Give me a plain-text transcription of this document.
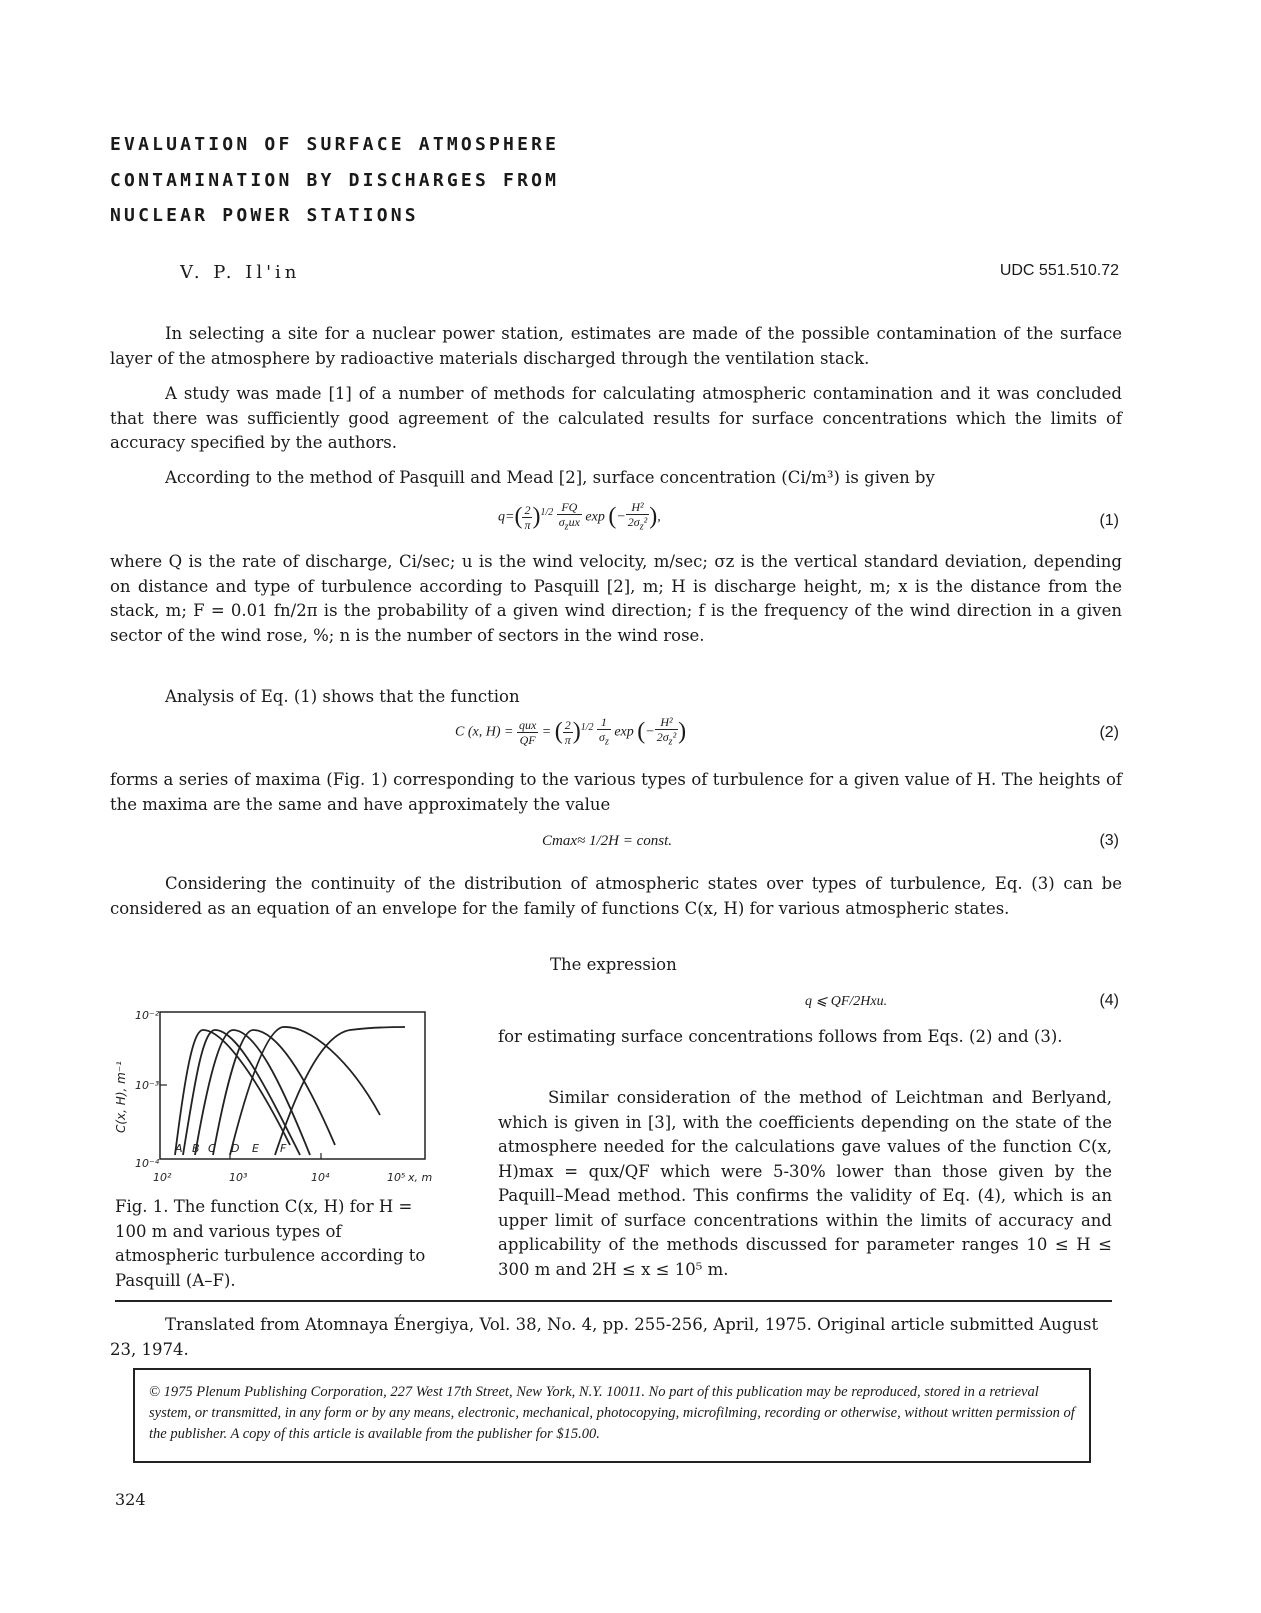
EVALUATION OF SURFACE ATMOSPHERE
CONTAMINATION BY DISCHARGES FROM
NUCLEAR POWER STATIONS
V. P. Il'in	UDC 551.510.72
In selecting a site for a nuclear power station, estimates are made of the possible contamination of the surface layer of the atmosphere by radioactive materials discharged through the ventilation stack.
A study was made [1] of a number of methods for calculating atmospheric contamination and it was concluded that there was sufficiently good agreement of the calculated results for surface concentrations which the limits of accuracy specified by the authors.
According to the method of Pasquill and Mead [2], surface concentration (Ci/m³) is given by
$q=( \frac{2}{\pi} )^{1/2} \frac{FQ}{\sigma_zux}$ exp (− $\frac{\text{H²}}{2\sigma_z^2}$ ),	(1)
where Q is the rate of discharge, Ci/sec; u is the wind velocity, m/sec; σz is the vertical standard deviation, depending on distance and type of turbulence according to Pasquill [2], m; H is discharge height, m; x is the distance from the stack, m; F = 0.01 fn/2π is the probability of a given wind direction; f is the frequency of the wind direction in a given sector of the wind rose, %; n is the number of sectors in the wind rose.
Analysis of Eq. (1) shows that the function
C (x, $H) = \frac{\text{qux}}{QF}$ = ( $\frac{2}{\pi} )^{1/2} \frac{1}{\sigma_z}$ exp (− $\frac{\text{H²}}{2\sigma_z^2}$ )	(2)
forms a series of maxima (Fig. 1) corresponding to the various types of turbulence for a given value of H. The heights of the maxima are the same and have approximately the value
Cmax≈ 1/2H = const.	(3)
Considering the continuity of the distribution of atmospheric states over types of turbulence, Eq. (3) can be considered as an equation of an envelope for the family of functions C(x, H) for various atmospheric states.
The expression
q ⩽ QF/2Hxu.	(4)
for estimating surface concentrations follows from Eqs. (2) and (3).
Similar consideration of the method of Leichtman and Berlyand, which is given in [3], with the coefficients depending on the state of the atmosphere needed for the calculations gave values of the function C(x, H)max = qux/QF which were 5-30% lower than those given by the Paquill–Mead method. This confirms the validity of Eq. (4), which is an upper limit of surface concentrations within the limits of accuracy and applicability of the methods discussed for parameter ranges 10 ≤ H ≤ 300 m and 2H ≤ x ≤ 10⁵ m.
10⁻²
10⁻³
10⁻⁴
10²	10³	10⁴	10⁵ x, m
C(x, H), m⁻¹
A B C D E F
Fig. 1. The function C(x, H) for H = 100 m and various types of atmospheric turbulence according to Pasquill (A–F).
Translated from Atomnaya Énergiya, Vol. 38, No. 4, pp. 255-256, April, 1975. Original article submitted August 23, 1974.
© 1975 Plenum Publishing Corporation, 227 West 17th Street, New York, N.Y. 10011. No part of this publication may be reproduced, stored in a retrieval system, or transmitted, in any form or by any means, electronic, mechanical, photocopying, microfilming, recording or otherwise, without written permission of the publisher. A copy of this article is available from the publisher for $15.00.
324
